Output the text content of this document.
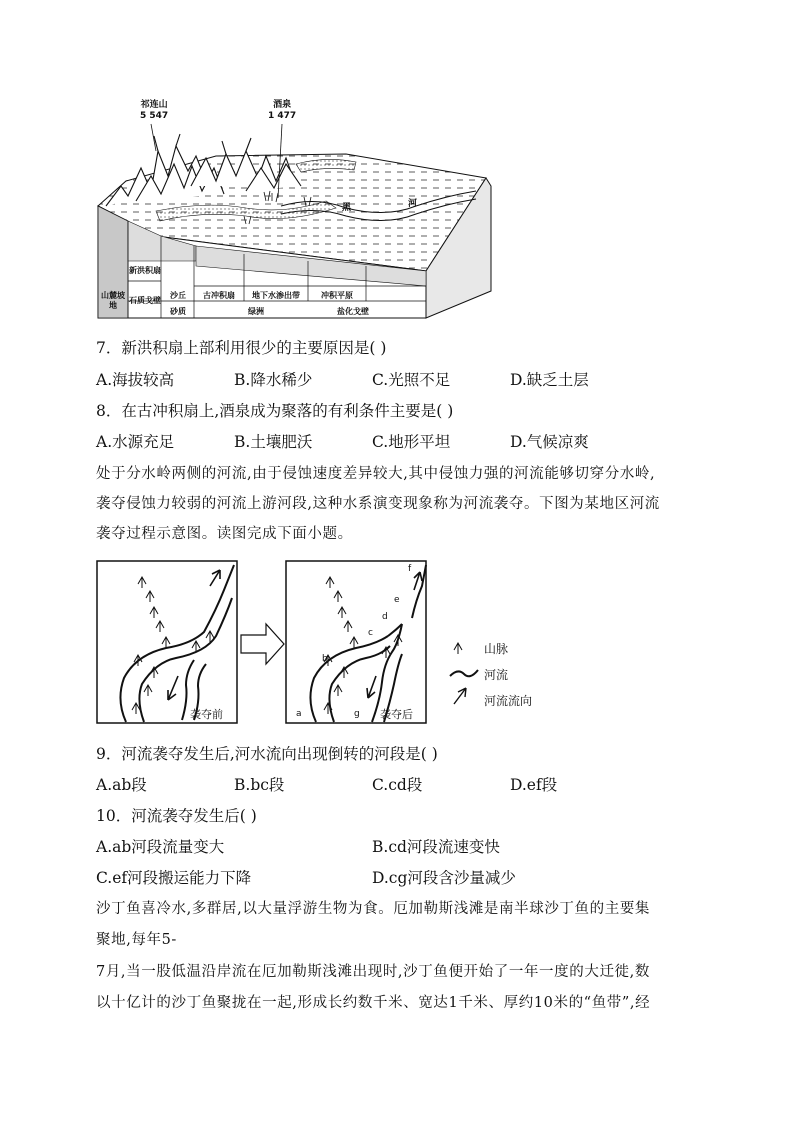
祁连山
5 547
酒泉
1 477
黑	河
山麓坡地
新洪积扇
沙丘	古冲积扇	地下水渗出带	冲积平原
石质戈壁
砂质	绿洲	盐化戈壁
7．新洪积扇上部利用很少的主要原因是( )
A.海拔较高	B.降水稀少	C.光照不足	D.缺乏土层
8．在古冲积扇上,酒泉成为聚落的有利条件主要是( )
A.水源充足	B.土壤肥沃	C.地形平坦	D.气候凉爽
处于分水岭两侧的河流,由于侵蚀速度差异较大,其中侵蚀力强的河流能够切穿分水岭,
袭夺侵蚀力较弱的河流上游河段,这种水系演变现象称为河流袭夺。下图为某地区河流
袭夺过程示意图。读图完成下面小题。
袭夺前	袭夺后
a
b
c
d
e
f
g
山脉
河流
河流流向
9．河流袭夺发生后,河水流向出现倒转的河段是( )
A.ab段	B.bc段	C.cd段	D.ef段
10．河流袭夺发生后( )
A.ab河段流量变大	B.cd河段流速变快
C.ef河段搬运能力下降	D.cg河段含沙量减少
沙丁鱼喜冷水,多群居,以大量浮游生物为食。厄加勒斯浅滩是南半球沙丁鱼的主要集
聚地,每年5-
7月,当一股低温沿岸流在厄加勒斯浅滩出现时,沙丁鱼便开始了一年一度的大迁徙,数
以十亿计的沙丁鱼聚拢在一起,形成长约数千米、宽达1千米、厚约10米的“鱼带”,经
